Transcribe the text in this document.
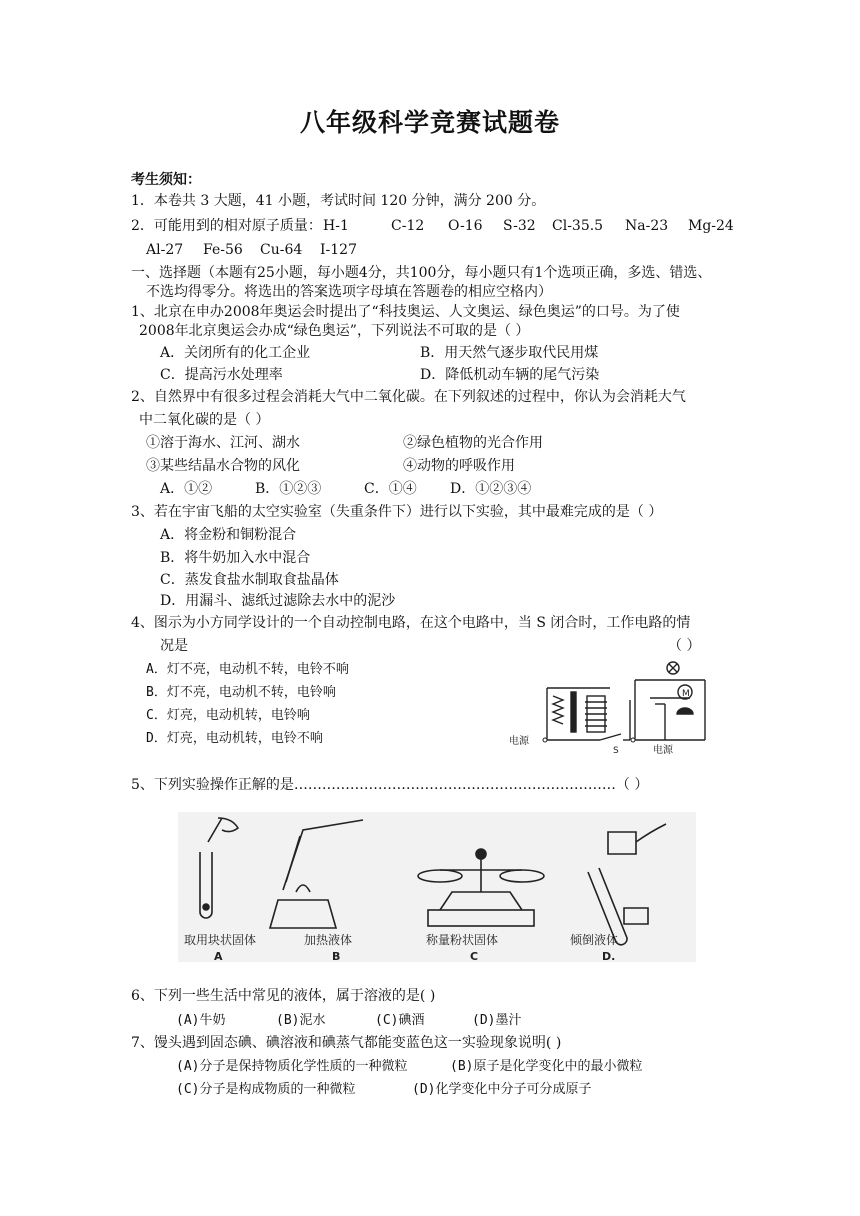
八年级科学竞赛试题卷
考生须知：
1．本卷共 3 大题，41 小题，考试时间 120 分钟，满分 200 分。
2．可能用到的相对原子质量： H-1	C-12 O-16 S-32 Cl-35.5 Na-23 Mg-24
Al-27 Fe-56 Cu-64 I-127
一、选择题（本题有25小题，每小题4分，共100分，每小题只有1个选项正确，多选、错选、
不选均得零分。将选出的答案选项字母填在答题卷的相应空格内）
1、北京在申办2008年奥运会时提出了“科技奥运、人文奥运、绿色奥运”的口号。为了使
2008年北京奥运会办成“绿色奥运”，下列说法不可取的是（ ）
A．关闭所有的化工企业	B．用天然气逐步取代民用煤
C．提高污水处理率	D．降低机动车辆的尾气污染
2、自然界中有很多过程会消耗大气中二氧化碳。在下列叙述的过程中，你认为会消耗大气
中二氧化碳的是（ ）
①溶于海水、江河、湖水	②绿色植物的光合作用
③某些结晶水合物的风化	④动物的呼吸作用
A．①②	B．①②③	C．①④ D．①②③④
3、若在宇宙飞船的太空实验室（失重条件下）进行以下实验，其中最难完成的是（ ）
A．将金粉和铜粉混合
B．将牛奶加入水中混合
C．蒸发食盐水制取食盐晶体
D．用漏斗、滤纸过滤除去水中的泥沙
4、图示为小方同学设计的一个自动控制电路，在这个电路中，当 S 闭合时，工作电路的情
况是	（ ）
A．灯不亮，电动机不转，电铃不响
B．灯不亮，电动机不转，电铃响
C．灯亮，电动机转，电铃响
D．灯亮，电动机转，电铃不响
M
S
电源
电源
5、下列实验操作正解的是……………………………………………………………（ ）
取用块状固体	加热液体	称量粉状固体	倾倒液体
A	B	C	D.
6、下列一些生活中常见的液体，属于溶液的是( )
(A)牛奶	(B)泥水	(C)碘酒	(D)墨汁
7、馒头遇到固态碘、碘溶液和碘蒸气都能变蓝色这一实验现象说明( )
(A)分子是保持物质化学性质的一种微粒	(B)原子是化学变化中的最小微粒
(C)分子是构成物质的一种微粒	(D)化学变化中分子可分成原子
